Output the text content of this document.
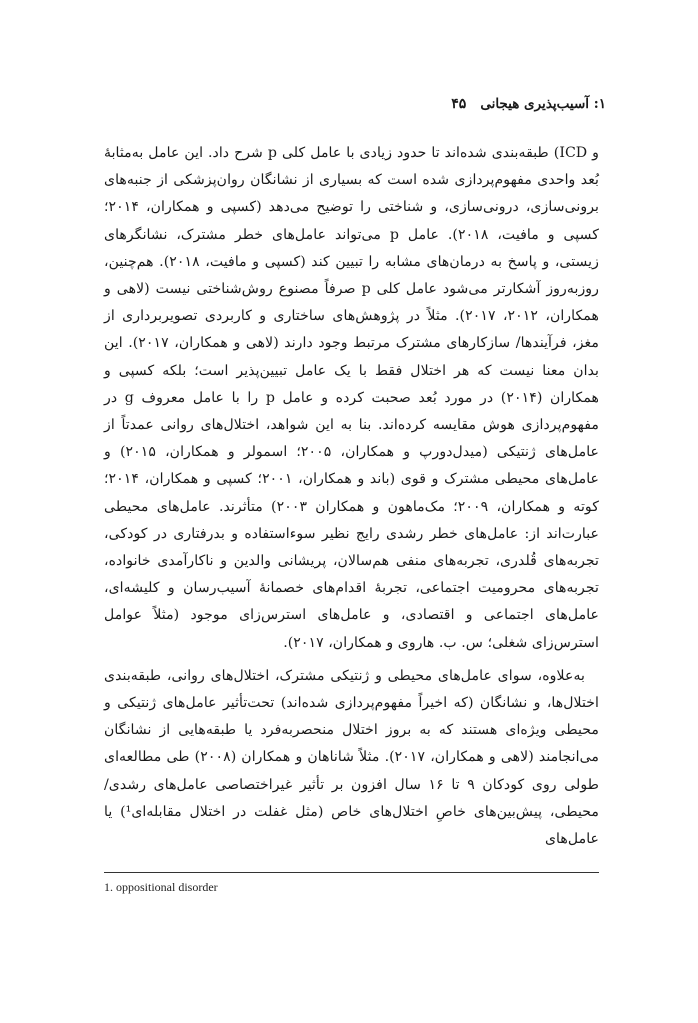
۱: آسیب‌پذیری هیجانی
۴۵

و ICD) طبقه‌بندی شده‌اند تا حدود زیادی با عامل کلی p شرح داد. این عامل به‌مثابهٔ بُعد واحدی مفهوم‌پردازی شده است که بسیاری از نشانگان روان‌پزشکی از جنبه‌های برونی‌سازی، درونی‌سازی، و شناختی را توضیح می‌دهد (کسپی و همکاران، ۲۰۱۴؛ کسپی و مافیت، ۲۰۱۸). عامل p می‌تواند عامل‌های خطر مشترک، نشانگرهای زیستی، و پاسخ به درمان‌های مشابه را تبیین کند (کسپی و مافیت، ۲۰۱۸). هم‌چنین، روزبه‌روز آشکارتر می‌شود عامل کلی p صرفاً مصنوع روش‌شناختی نیست (لاهی و همکاران، ۲۰۱۲، ۲۰۱۷). مثلاً در پژوهش‌های ساختاری و کاربردی تصویربرداری از مغز، فرآیندها/ سازکارهای مشترک مرتبط وجود دارند (لاهی و همکاران، ۲۰۱۷). این بدان معنا نیست که هر اختلال فقط با یک عامل تبیین‌پذیر است؛ بلکه کسپی و همکاران (۲۰۱۴) در مورد بُعد صحبت کرده و عامل p را با عامل معروف g در مفهوم‌پردازی هوش مقایسه کرده‌اند. بنا به این شواهد، اختلال‌های روانی عمدتاً از عامل‌های ژنتیکی (میدل‌دورپ و همکاران، ۲۰۰۵؛ اسمولر و همکاران، ۲۰۱۵) و عامل‌های محیطی مشترک و قوی (باند و همکاران، ۲۰۰۱؛ کسپی و همکاران، ۲۰۱۴؛ کوته و همکاران، ۲۰۰۹؛ مک‌ماهون و همکاران ۲۰۰۳) متأثرند. عامل‌های محیطی عبارت‌اند از: عامل‌های خطر رشدی رایج نظیر سوءاستفاده و بدرفتاری در کودکی، تجربه‌های قُلدری، تجربه‌های منفی هم‌سالان، پریشانی والدین و ناکارآمدی خانواده، تجربه‌های محرومیت اجتماعی، تجربهٔ اقدام‌های خصمانهٔ آسیب‌رسان و کلیشه‌ای، عامل‌های اجتماعی و اقتصادی، و عامل‌های استرس‌زای موجود (مثلاً عوامل استرس‌زای شغلی؛ س. ب. هاروی و همکاران، ۲۰۱۷).

به‌علاوه، سوای عامل‌های محیطی و ژنتیکی مشترک، اختلال‌های روانی، طبقه‌بندی اختلال‌ها، و نشانگان (که اخیراً مفهوم‌پردازی شده‌اند) تحت‌تأثیر عامل‌های ژنتیکی و محیطی ویژه‌ای هستند که به بروز اختلال منحصربه‌فرد یا طبقه‌هایی از نشانگان می‌انجامند (لاهی و همکاران، ۲۰۱۷). مثلاً شاناهان و همکاران (۲۰۰۸) طی مطالعه‌ای طولی روی کودکان ۹ تا ۱۶ سال افزون بر تأثیر غیراختصاصی عامل‌های رشدی/ محیطی، پیش‌بین‌های خاصِ اختلال‌های خاص (مثل غفلت در اختلال مقابله‌ای¹) یا عامل‌های

1. oppositional disorder
